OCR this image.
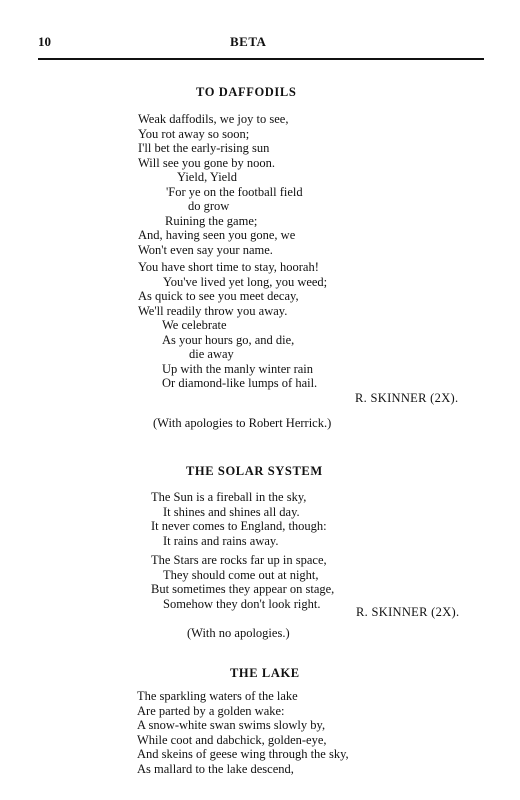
10	BETA
TO DAFFODILS
Weak daffodils, we joy to see,
You rot away so soon;
I'll bet the early-rising sun
Will see you gone by noon.
Yield, Yield
'For ye on the football field
do grow
Ruining the game;
And, having seen you gone, we
Won't even say your name.
You have short time to stay, hoorah!
You've lived yet long, you weed;
As quick to see you meet decay,
We'll readily throw you away.
We celebrate
As your hours go, and die,
die away
Up with the manly winter rain
Or diamond-like lumps of hail.
R. SKINNER (2X).
(With apologies to Robert Herrick.)
THE SOLAR SYSTEM
The Sun is a fireball in the sky,
It shines and shines all day.
It never comes to England, though:
It rains and rains away.
The Stars are rocks far up in space,
They should come out at night,
But sometimes they appear on stage,
Somehow they don't look right.
R. SKINNER (2X).
(With no apologies.)
THE LAKE
The sparkling waters of the lake
Are parted by a golden wake:
A snow-white swan swims slowly by,
While coot and dabchick, golden-eye,
And skeins of geese wing through the sky,
As mallard to the lake descend,
